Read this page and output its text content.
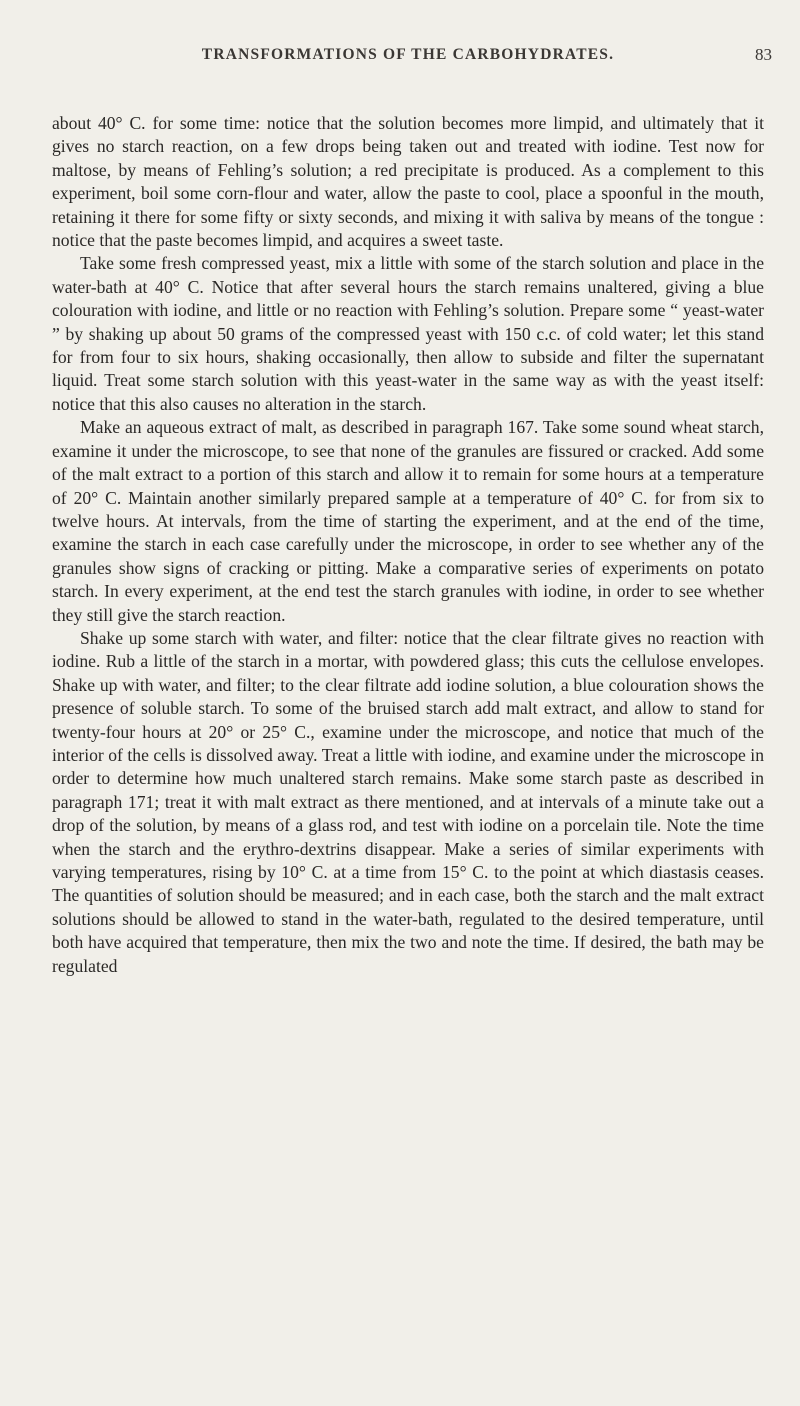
TRANSFORMATIONS OF THE CARBOHYDRATES.	83

about 40° C. for some time: notice that the solution becomes more limpid, and ultimately that it gives no starch reaction, on a few drops being taken out and treated with iodine. Test now for maltose, by means of Fehling’s solution; a red precipitate is produced. As a complement to this experiment, boil some corn-flour and water, allow the paste to cool, place a spoonful in the mouth, retaining it there for some fifty or sixty seconds, and mixing it with saliva by means of the tongue : notice that the paste becomes limpid, and acquires a sweet taste.

Take some fresh compressed yeast, mix a little with some of the starch solution and place in the water-bath at 40° C. Notice that after several hours the starch remains unaltered, giving a blue colouration with iodine, and little or no reaction with Fehling’s solution. Prepare some “ yeast-water ” by shaking up about 50 grams of the compressed yeast with 150 c.c. of cold water; let this stand for from four to six hours, shaking occasionally, then allow to subside and filter the supernatant liquid. Treat some starch solution with this yeast-water in the same way as with the yeast itself: notice that this also causes no alteration in the starch.

Make an aqueous extract of malt, as described in paragraph 167. Take some sound wheat starch, examine it under the microscope, to see that none of the granules are fissured or cracked. Add some of the malt extract to a portion of this starch and allow it to remain for some hours at a temperature of 20° C. Maintain another similarly prepared sample at a temperature of 40° C. for from six to twelve hours. At intervals, from the time of starting the experiment, and at the end of the time, examine the starch in each case carefully under the microscope, in order to see whether any of the granules show signs of cracking or pitting. Make a comparative series of experiments on potato starch. In every experiment, at the end test the starch granules with iodine, in order to see whether they still give the starch reaction.

Shake up some starch with water, and filter: notice that the clear filtrate gives no reaction with iodine. Rub a little of the starch in a mortar, with powdered glass; this cuts the cellulose envelopes. Shake up with water, and filter; to the clear filtrate add iodine solution, a blue colouration shows the presence of soluble starch. To some of the bruised starch add malt extract, and allow to stand for twenty-four hours at 20° or 25° C., examine under the microscope, and notice that much of the interior of the cells is dissolved away. Treat a little with iodine, and examine under the microscope in order to determine how much unaltered starch remains. Make some starch paste as described in paragraph 171; treat it with malt extract as there mentioned, and at intervals of a minute take out a drop of the solution, by means of a glass rod, and test with iodine on a porcelain tile. Note the time when the starch and the erythro-dextrins disappear. Make a series of similar experiments with varying temperatures, rising by 10° C. at a time from 15° C. to the point at which diastasis ceases. The quantities of solution should be measured; and in each case, both the starch and the malt extract solutions should be allowed to stand in the water-bath, regulated to the desired temperature, until both have acquired that temperature, then mix the two and note the time. If desired, the bath may be regulated
